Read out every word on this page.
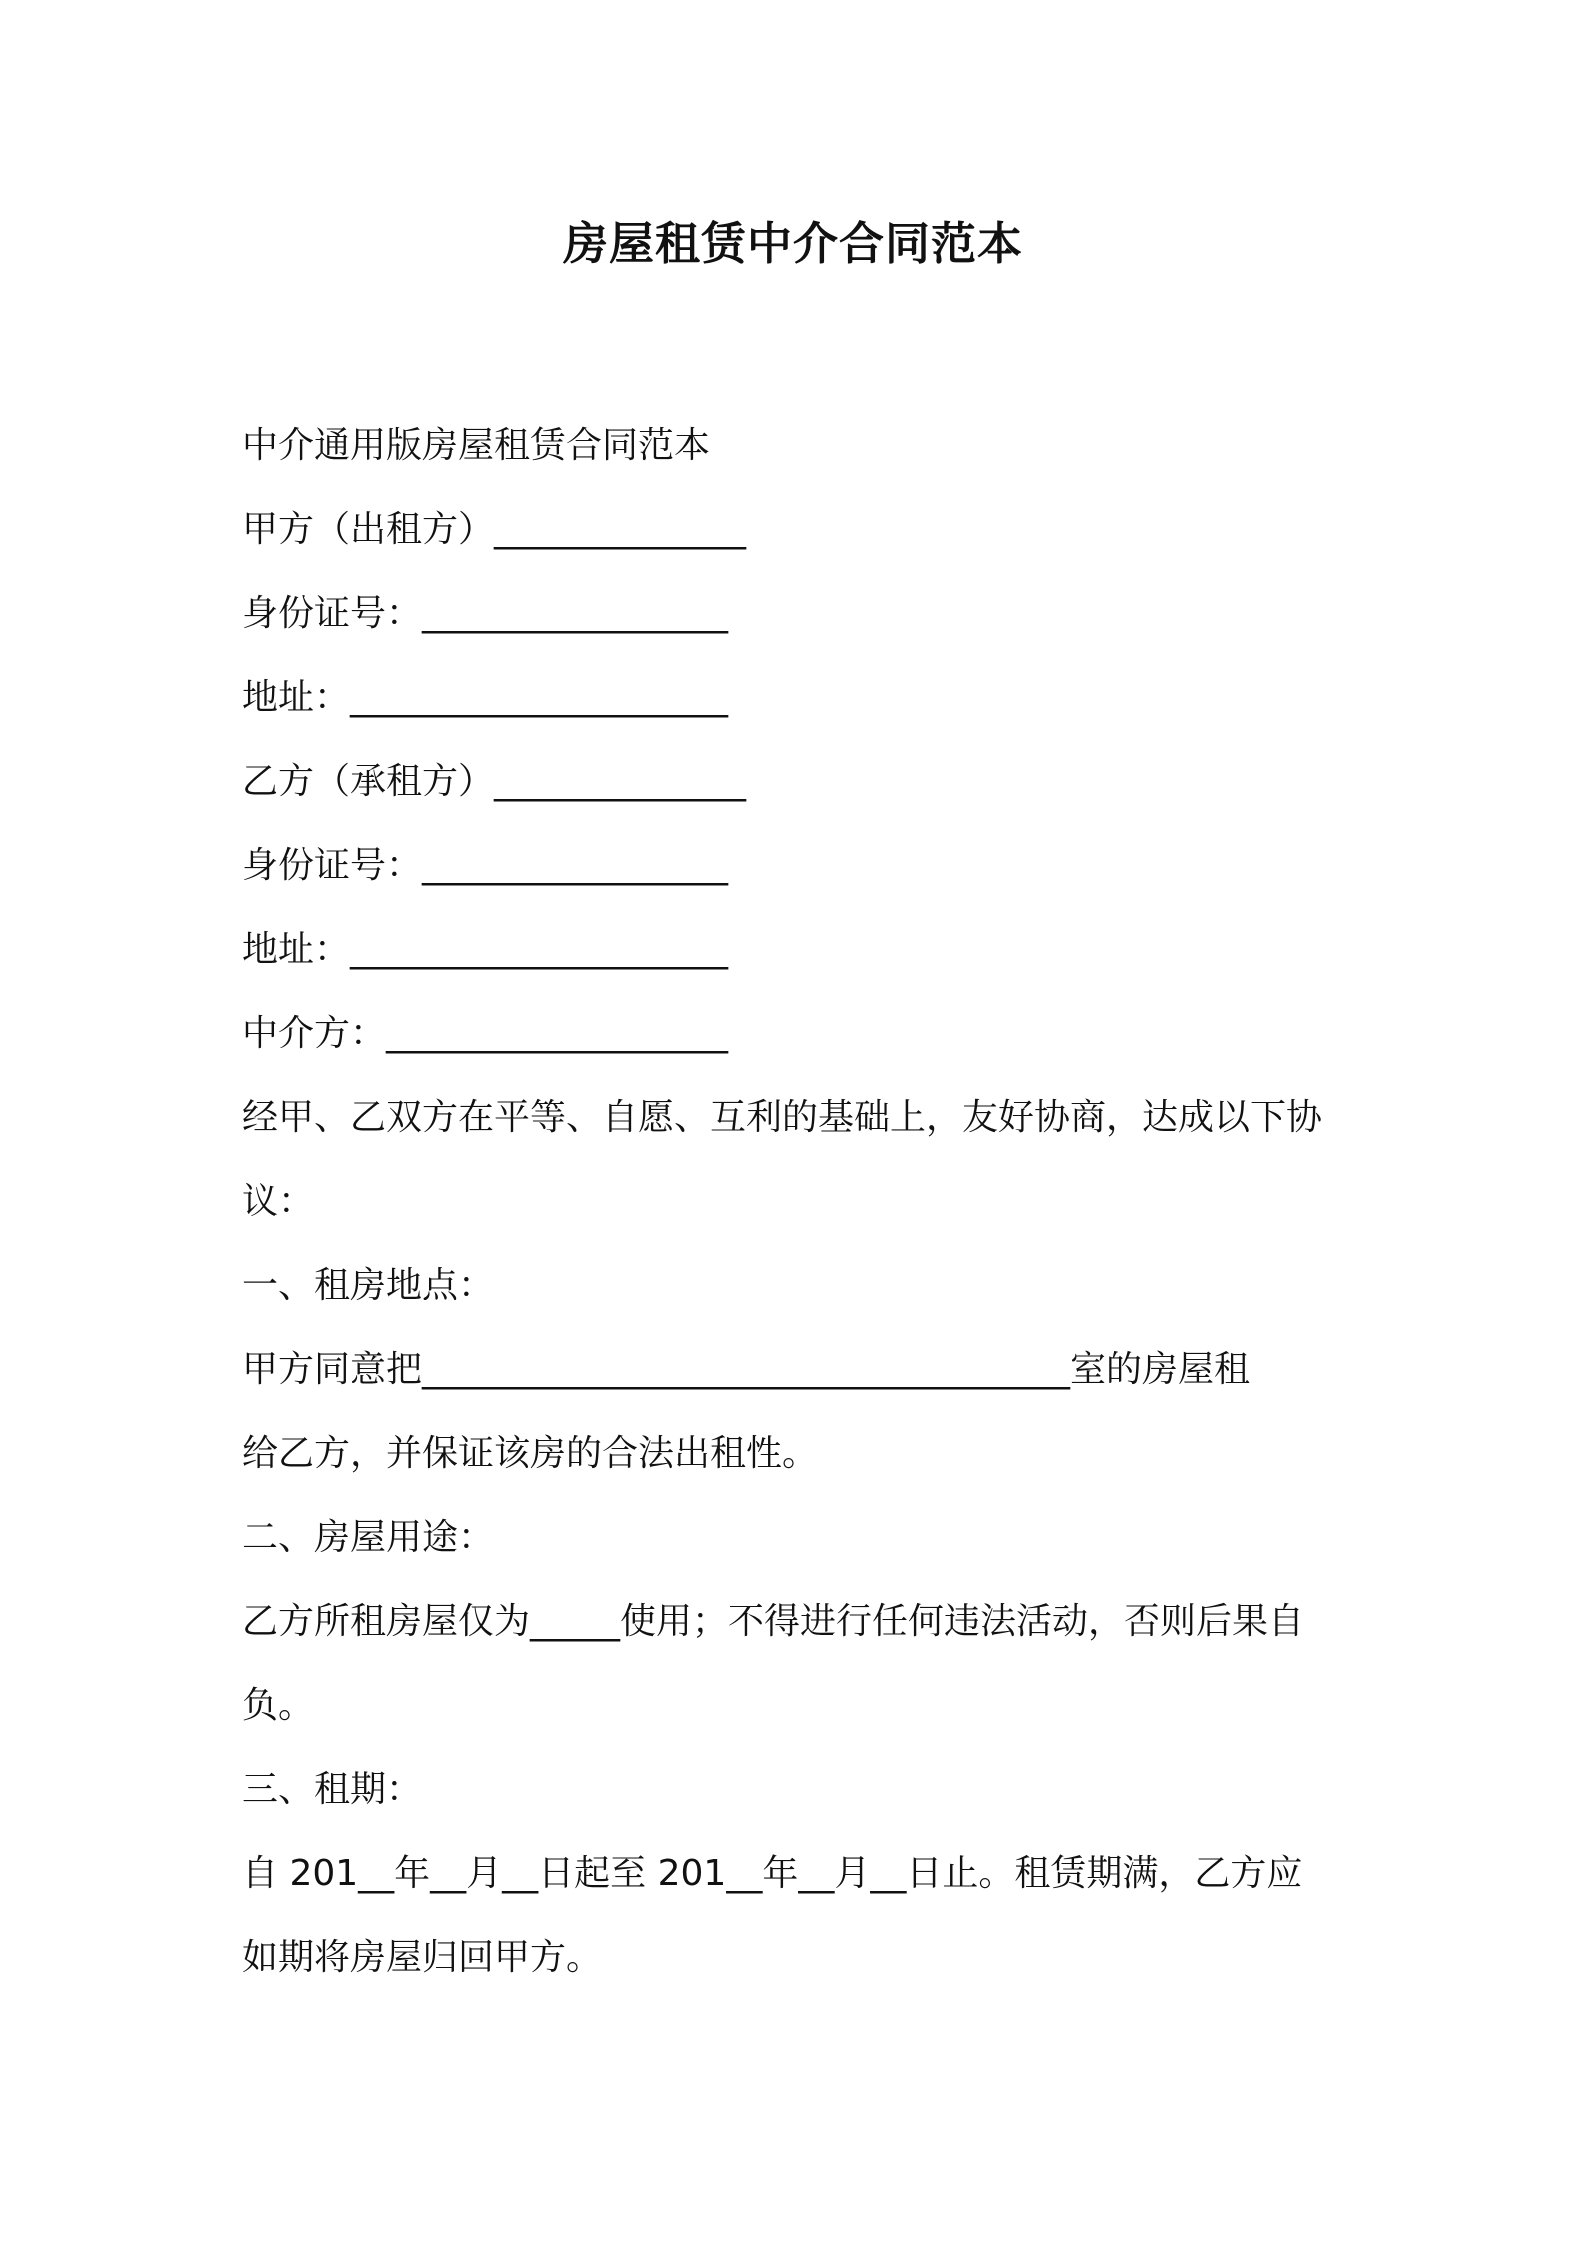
房屋租赁中介合同范本
中介通用版房屋租赁合同范本
甲方（出租方）______________
身份证号：_________________
地址：_____________________
乙方（承租方）______________
身份证号：_________________
地址：_____________________
中介方：___________________
经甲、乙双方在平等、自愿、互利的基础上，友好协商，达成以下协
议：
一、租房地点：
甲方同意把____________________________________室的房屋租
给乙方，并保证该房的合法出租性。
二、房屋用途：
乙方所租房屋仅为_____使用；不得进行任何违法活动，否则后果自
负。
三、租期：
自 201__年__月__日起至 201__年__月__日止。租赁期满，乙方应
如期将房屋归回甲方。
